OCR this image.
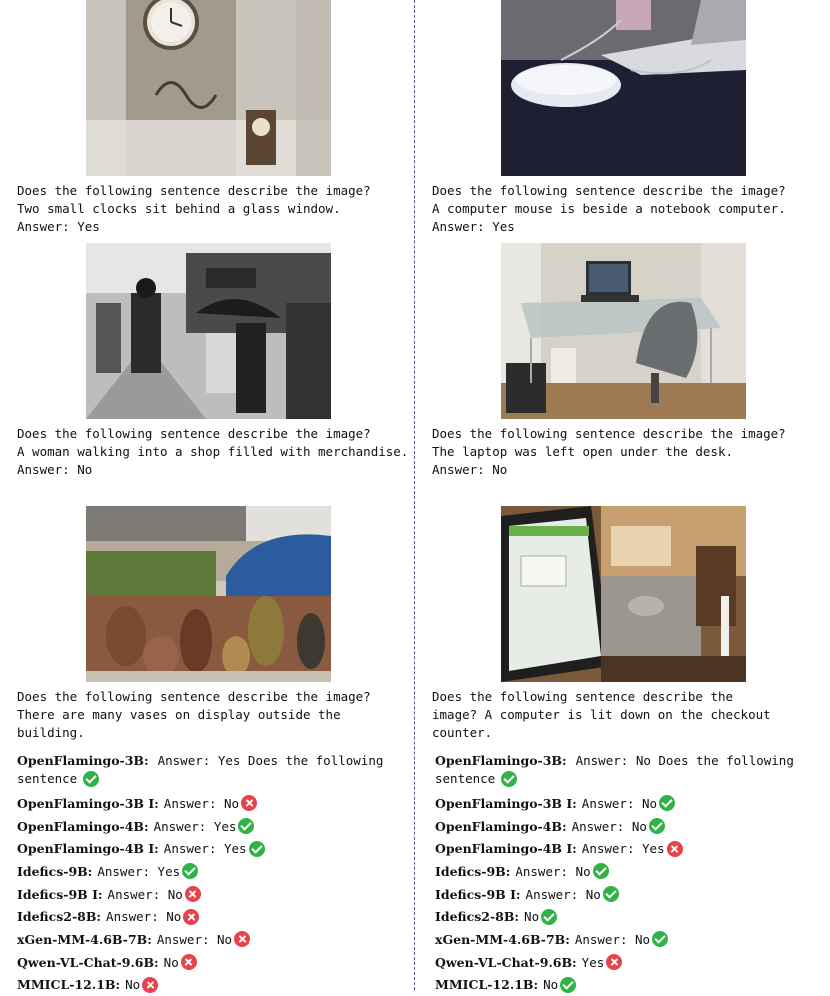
Does the following sentence describe the image?

Two small clocks sit behind a glass window.

Answer: Yes

Does the following sentence describe the image?

A woman walking into a shop filled with merchandise.

Answer: No

Does the following sentence describe the image?

There are many vases on display outside the building.

OpenFlamingo-3B: Answer: Yes Does the following sentence
OpenFlamingo-3B I: Answer: No
OpenFlamingo-4B: Answer: Yes
OpenFlamingo-4B I: Answer: Yes
Idefics-9B: Answer: Yes
Idefics-9B I: Answer: No
Idefics2-8B: Answer: No
xGen-MM-4.6B-7B: Answer: No
Qwen-VL-Chat-9.6B: No
MMICL-12.1B: No

Does the following sentence describe the image?

A computer mouse is beside a notebook computer.

Answer: Yes

Does the following sentence describe the image?

The laptop was left open under the desk.

Answer: No

Does the following sentence describe the

image? A computer is lit down on the checkout counter.

OpenFlamingo-3B: Answer: No Does the following sentence
OpenFlamingo-3B I: Answer: No
OpenFlamingo-4B: Answer: No
OpenFlamingo-4B I: Answer: Yes
Idefics-9B: Answer: No
Idefics-9B I: Answer: No
Idefics2-8B: No
xGen-MM-4.6B-7B: Answer: No
Qwen-VL-Chat-9.6B: Yes
MMICL-12.1B: No
